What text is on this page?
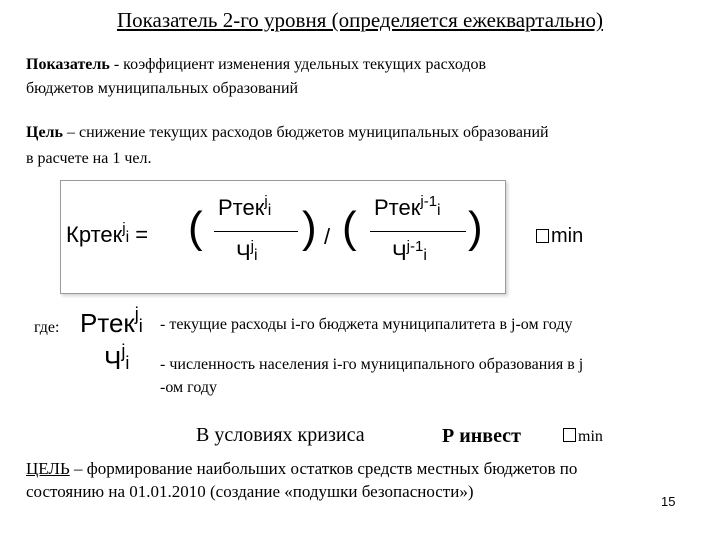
Показатель 2-го уровня (определяется ежеквартально)
Показатель - коэффициент изменения удельных текущих расходов
бюджетов муниципальных образований
Цель – снижение текущих расходов бюджетов муниципальных образований
в расчете на 1 чел.
Кртек$^j$i = ( Ртек$^j$i
$Ч^ji$
) / ( Ртек$^{j-1}$i
$Ч^{j-1}i$
)	min
где: Ртек$^j$i - текущие расходы i-го бюджета муниципалитета в j-ом году
$Ч^ji$ - численность населения i-го муниципального образования в j
-ом году
В условиях кризиса	Р инвест	min
ЦЕЛЬ – формирование наибольших остатков средств местных бюджетов по
состоянию на 01.01.2010 (создание «подушки безопасности»)
15
